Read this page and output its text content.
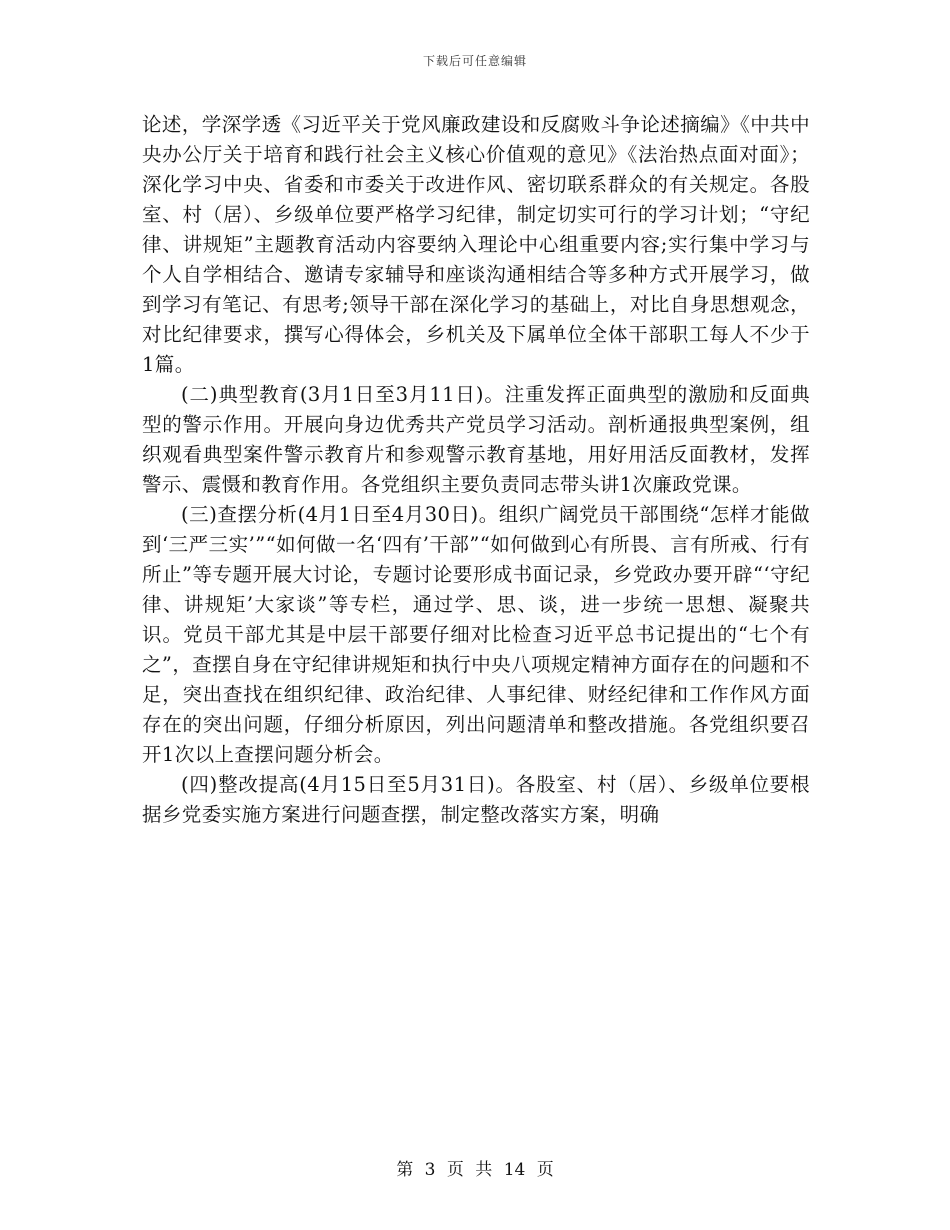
下载后可任意编辑

论述，学深学透《习近平关于党风廉政建设和反腐败斗争论述摘编》《中共中央办公厅关于培育和践行社会主义核心价值观的意见》《法治热点面对面》；深化学习中央、省委和市委关于改进作风、密切联系群众的有关规定。各股室、村（居）、乡级单位要严格学习纪律，制定切实可行的学习计划；“守纪律、讲规矩”主题教育活动内容要纳入理论中心组重要内容;实行集中学习与个人自学相结合、邀请专家辅导和座谈沟通相结合等多种方式开展学习，做到学习有笔记、有思考;领导干部在深化学习的基础上，对比自身思想观念，对比纪律要求，撰写心得体会，乡机关及下属单位全体干部职工每人不少于1篇。

(二)典型教育(3月1日至3月11日)。注重发挥正面典型的激励和反面典型的警示作用。开展向身边优秀共产党员学习活动。剖析通报典型案例，组织观看典型案件警示教育片和参观警示教育基地，用好用活反面教材，发挥警示、震慑和教育作用。各党组织主要负责同志带头讲1次廉政党课。

(三)查摆分析(4月1日至4月30日)。组织广阔党员干部围绕“怎样才能做到‘三严三实’”“如何做一名‘四有’干部”“如何做到心有所畏、言有所戒、行有所止”等专题开展大讨论，专题讨论要形成书面记录，乡党政办要开辟“‘守纪律、讲规矩’大家谈”等专栏，通过学、思、谈，进一步统一思想、凝聚共识。党员干部尤其是中层干部要仔细对比检查习近平总书记提出的“七个有之”，查摆自身在守纪律讲规矩和执行中央八项规定精神方面存在的问题和不足，突出查找在组织纪律、政治纪律、人事纪律、财经纪律和工作作风方面存在的突出问题，仔细分析原因，列出问题清单和整改措施。各党组织要召开1次以上查摆问题分析会。

(四)整改提高(4月15日至5月31日)。各股室、村（居）、乡级单位要根据乡党委实施方案进行问题查摆，制定整改落实方案，明确

第 3 页 共 14 页
